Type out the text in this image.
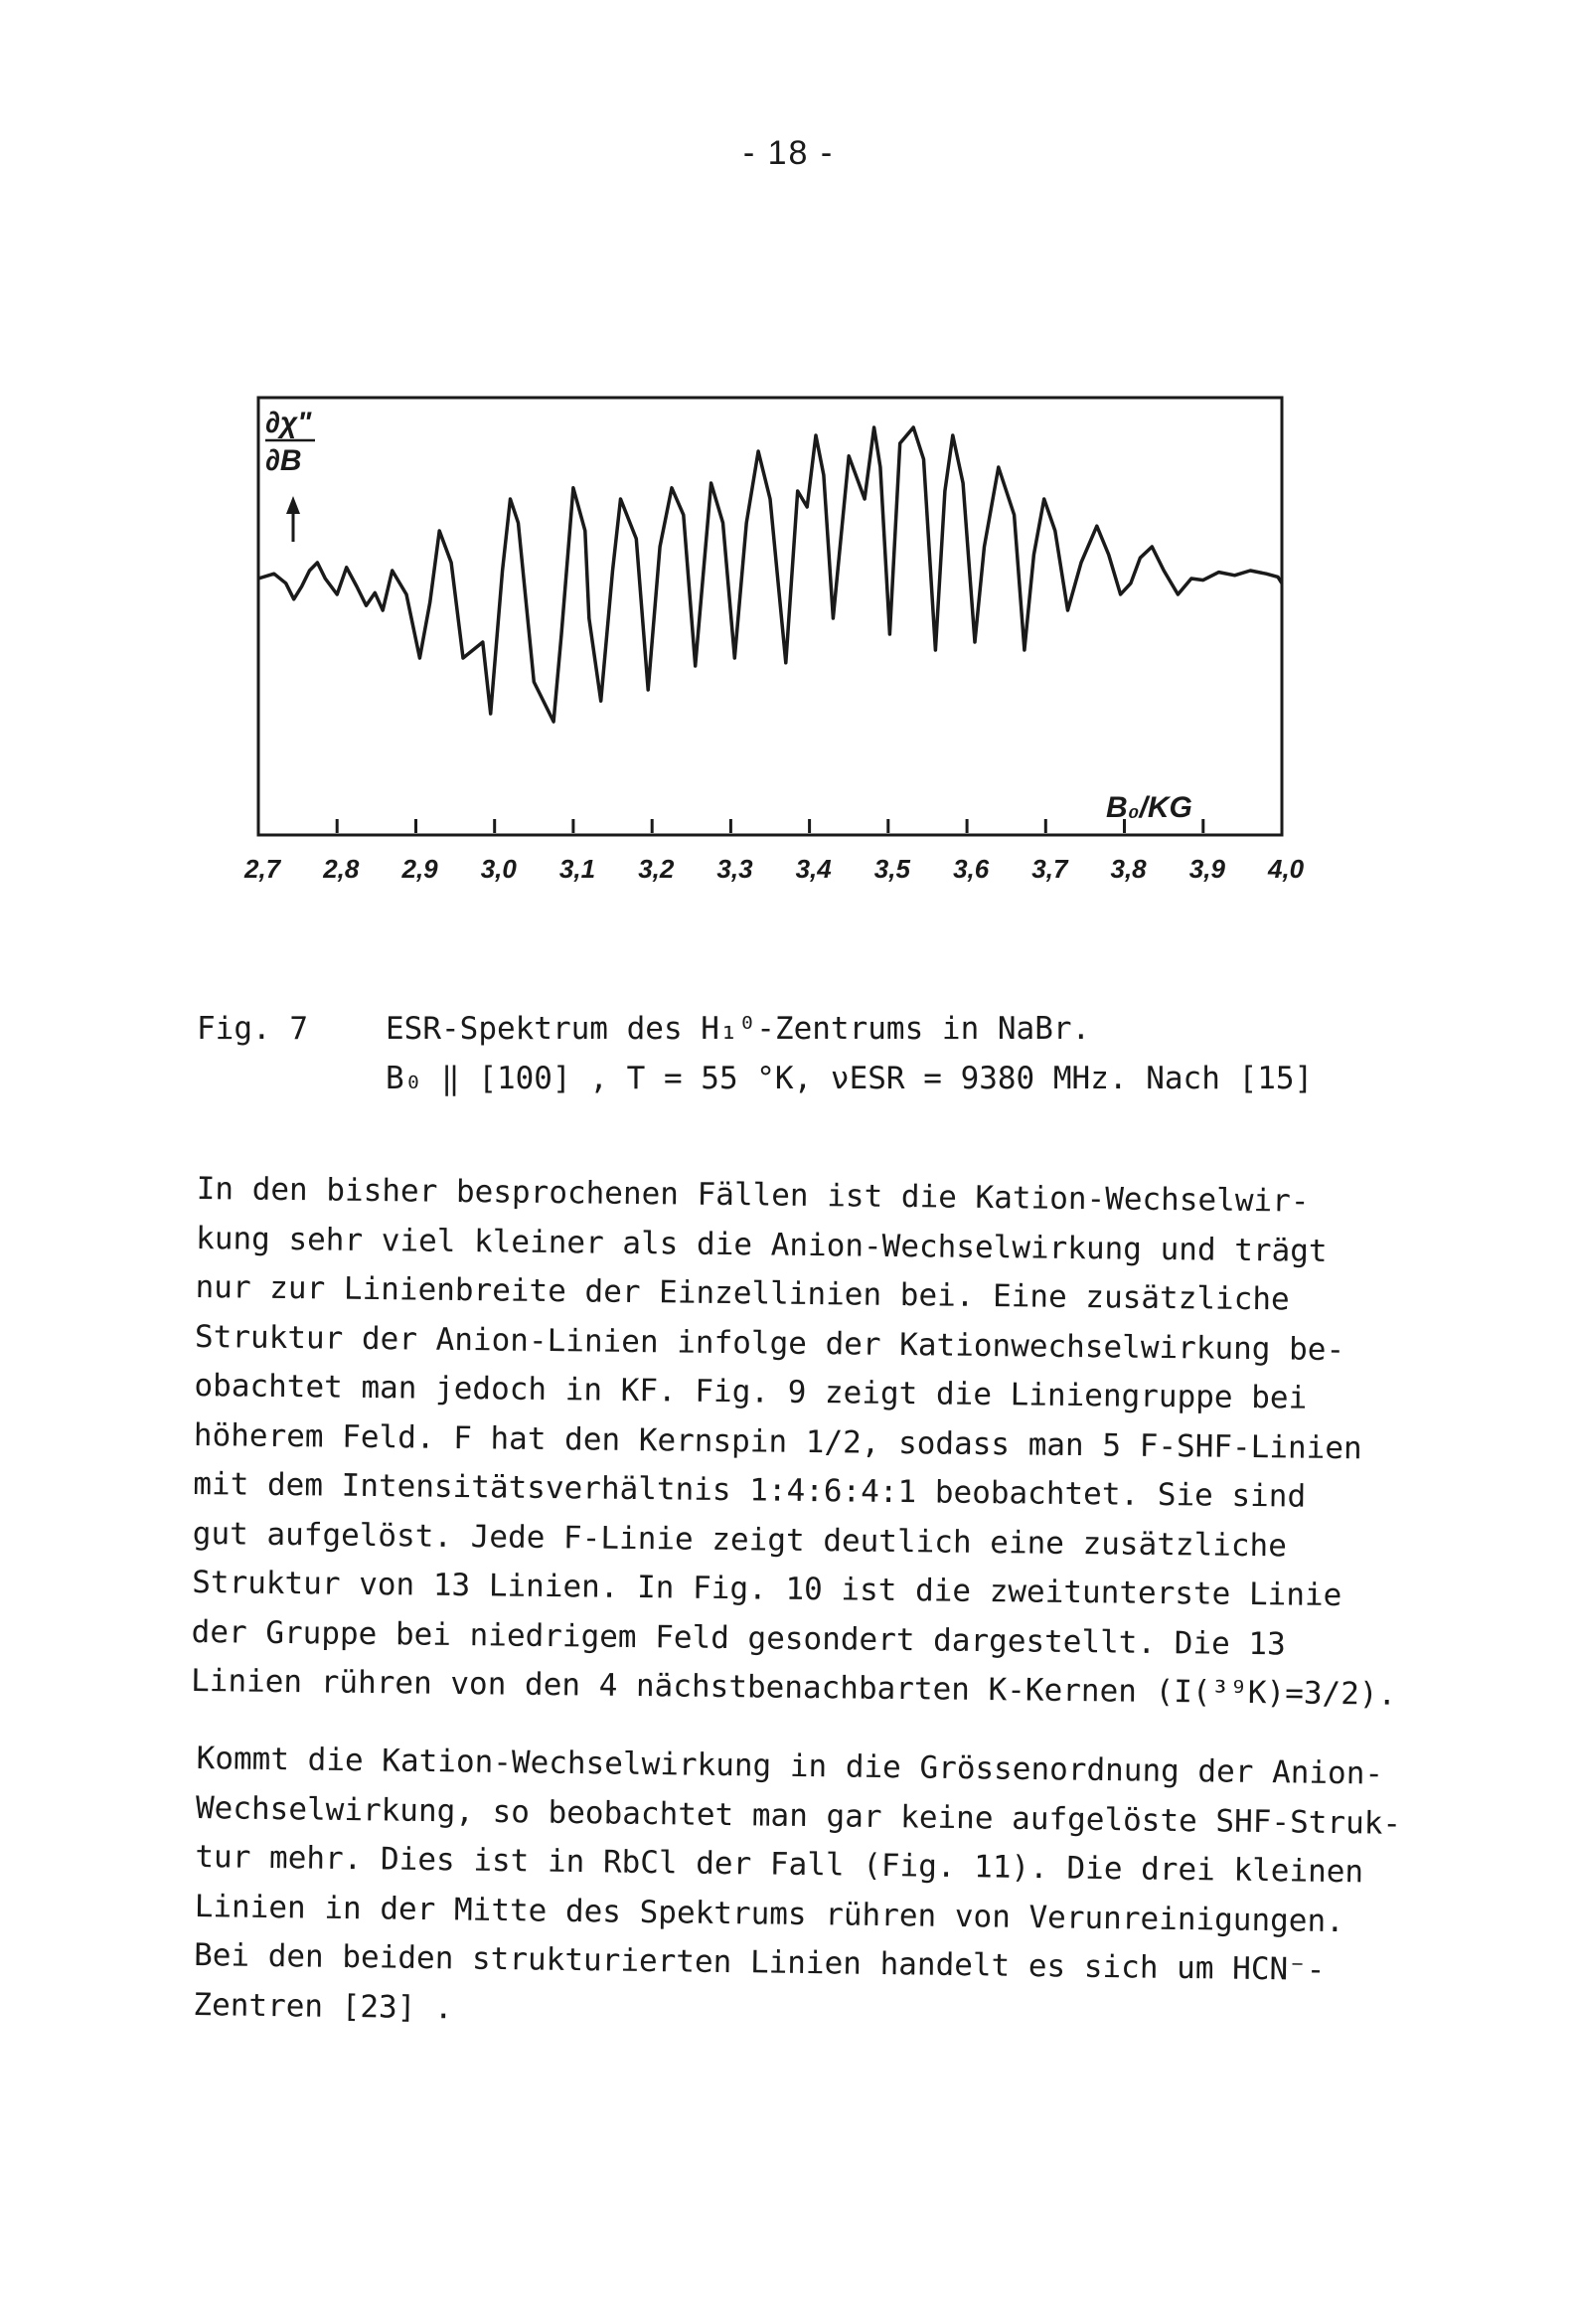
- 18 -
∂χ"
∂B
B₀/KG
2,7 2,8 2,9 3,0 3,1 3,2 3,3 3,4 3,5 3,6 3,7 3,8 3,9 4,0
Fig. 7	ESR-Spektrum des H₁⁰-Zentrums in NaBr.
B₀ ‖ [100] , T = 55 °K, νESR = 9380 MHz. Nach [15]
In den bisher besprochenen Fällen ist die Kation-Wechselwir-
kung sehr viel kleiner als die Anion-Wechselwirkung und trägt
nur zur Linienbreite der Einzellinien bei. Eine zusätzliche
Struktur der Anion-Linien infolge der Kationwechselwirkung be-
obachtet man jedoch in KF. Fig. 9 zeigt die Liniengruppe bei
höherem Feld. F hat den Kernspin 1/2, sodass man 5 F-SHF-Linien
mit dem Intensitätsverhältnis 1:4:6:4:1 beobachtet. Sie sind
gut aufgelöst. Jede F-Linie zeigt deutlich eine zusätzliche
Struktur von 13 Linien. In Fig. 10 ist die zweitunterste Linie
der Gruppe bei niedrigem Feld gesondert dargestellt. Die 13
Linien rühren von den 4 nächstbenachbarten K-Kernen (I(³⁹K)=3/2).
Kommt die Kation-Wechselwirkung in die Grössenordnung der Anion-
Wechselwirkung, so beobachtet man gar keine aufgelöste SHF-Struk-
tur mehr. Dies ist in RbCl der Fall (Fig. 11). Die drei kleinen
Linien in der Mitte des Spektrums rühren von Verunreinigungen.
Bei den beiden strukturierten Linien handelt es sich um HCN⁻-
Zentren [23] .
